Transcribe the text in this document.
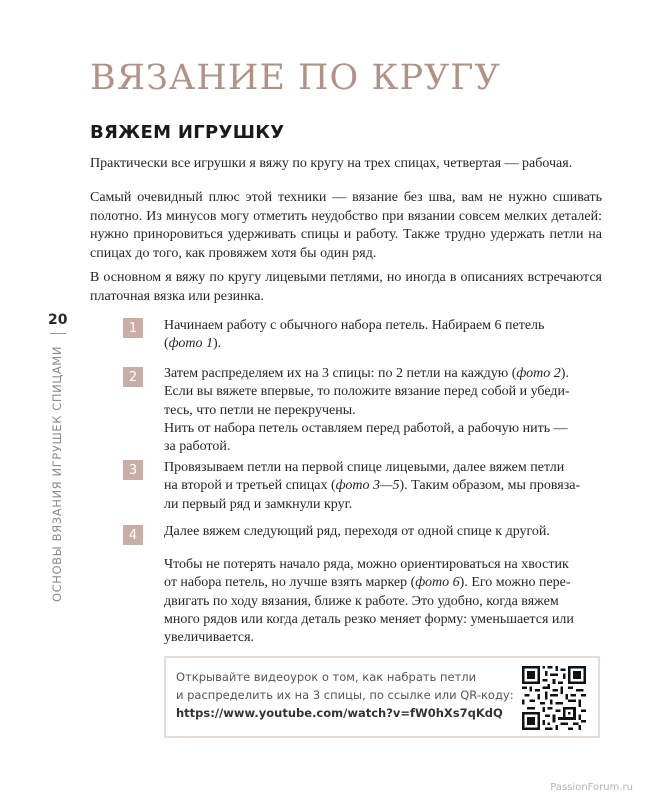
ВЯЗАНИЕ ПО КРУГУ
ВЯЖЕМ ИГРУШКУ

Практически все игрушки я вяжу по кругу на трех спицах, четвертая — рабочая.

Самый очевидный плюс этой техники — вязание без шва, вам не нужно сшивать полотно. Из минусов могу отметить неудобство при вязании совсем мелких деталей: нужно приноровиться удерживать спицы и работу. Также трудно удержать петли на спицах до того, как провяжем хотя бы один ряд.

В основном я вяжу по кругу лицевыми петлями, но иногда в описаниях встречаются платочная вязка или резинка.

20
ОСНОВЫ ВЯЗАНИЯ ИГРУШЕК СПИЦАМИ
1	Начинаем работу с обычного набора петель. Набираем 6 петель
(фото 1).

2	Затем распределяем их на 3 спицы: по 2 петли на каждую (фото 2).
Если вы вяжете впервые, то положите вязание перед собой и убеди-
тесь, что петли не перекручены.
Нить от набора петель оставляем перед работой, а рабочую нить —
за работой.

3	Провязываем петли на первой спице лицевыми, далее вяжем петли
на второй и третьей спицах (фото 3—5). Таким образом, мы провяза-
ли первый ряд и замкнули круг.

4	Далее вяжем следующий ряд, переходя от одной спице к другой.

Чтобы не потерять начало ряда, можно ориентироваться на хвостик
от набора петель, но лучше взять маркер (фото 6). Его можно пере-
двигать по ходу вязания, ближе к работе. Это удобно, когда вяжем
много рядов или когда деталь резко меняет форму: уменьшается или
увеличивается.

Открывайте видеоурок о том, как набрать петли
и распределить их на 3 спицы, по ссылке или QR-коду:
https://www.youtube.com/watch?v=fW0hXs7qKdQ
PassionForum.ru
